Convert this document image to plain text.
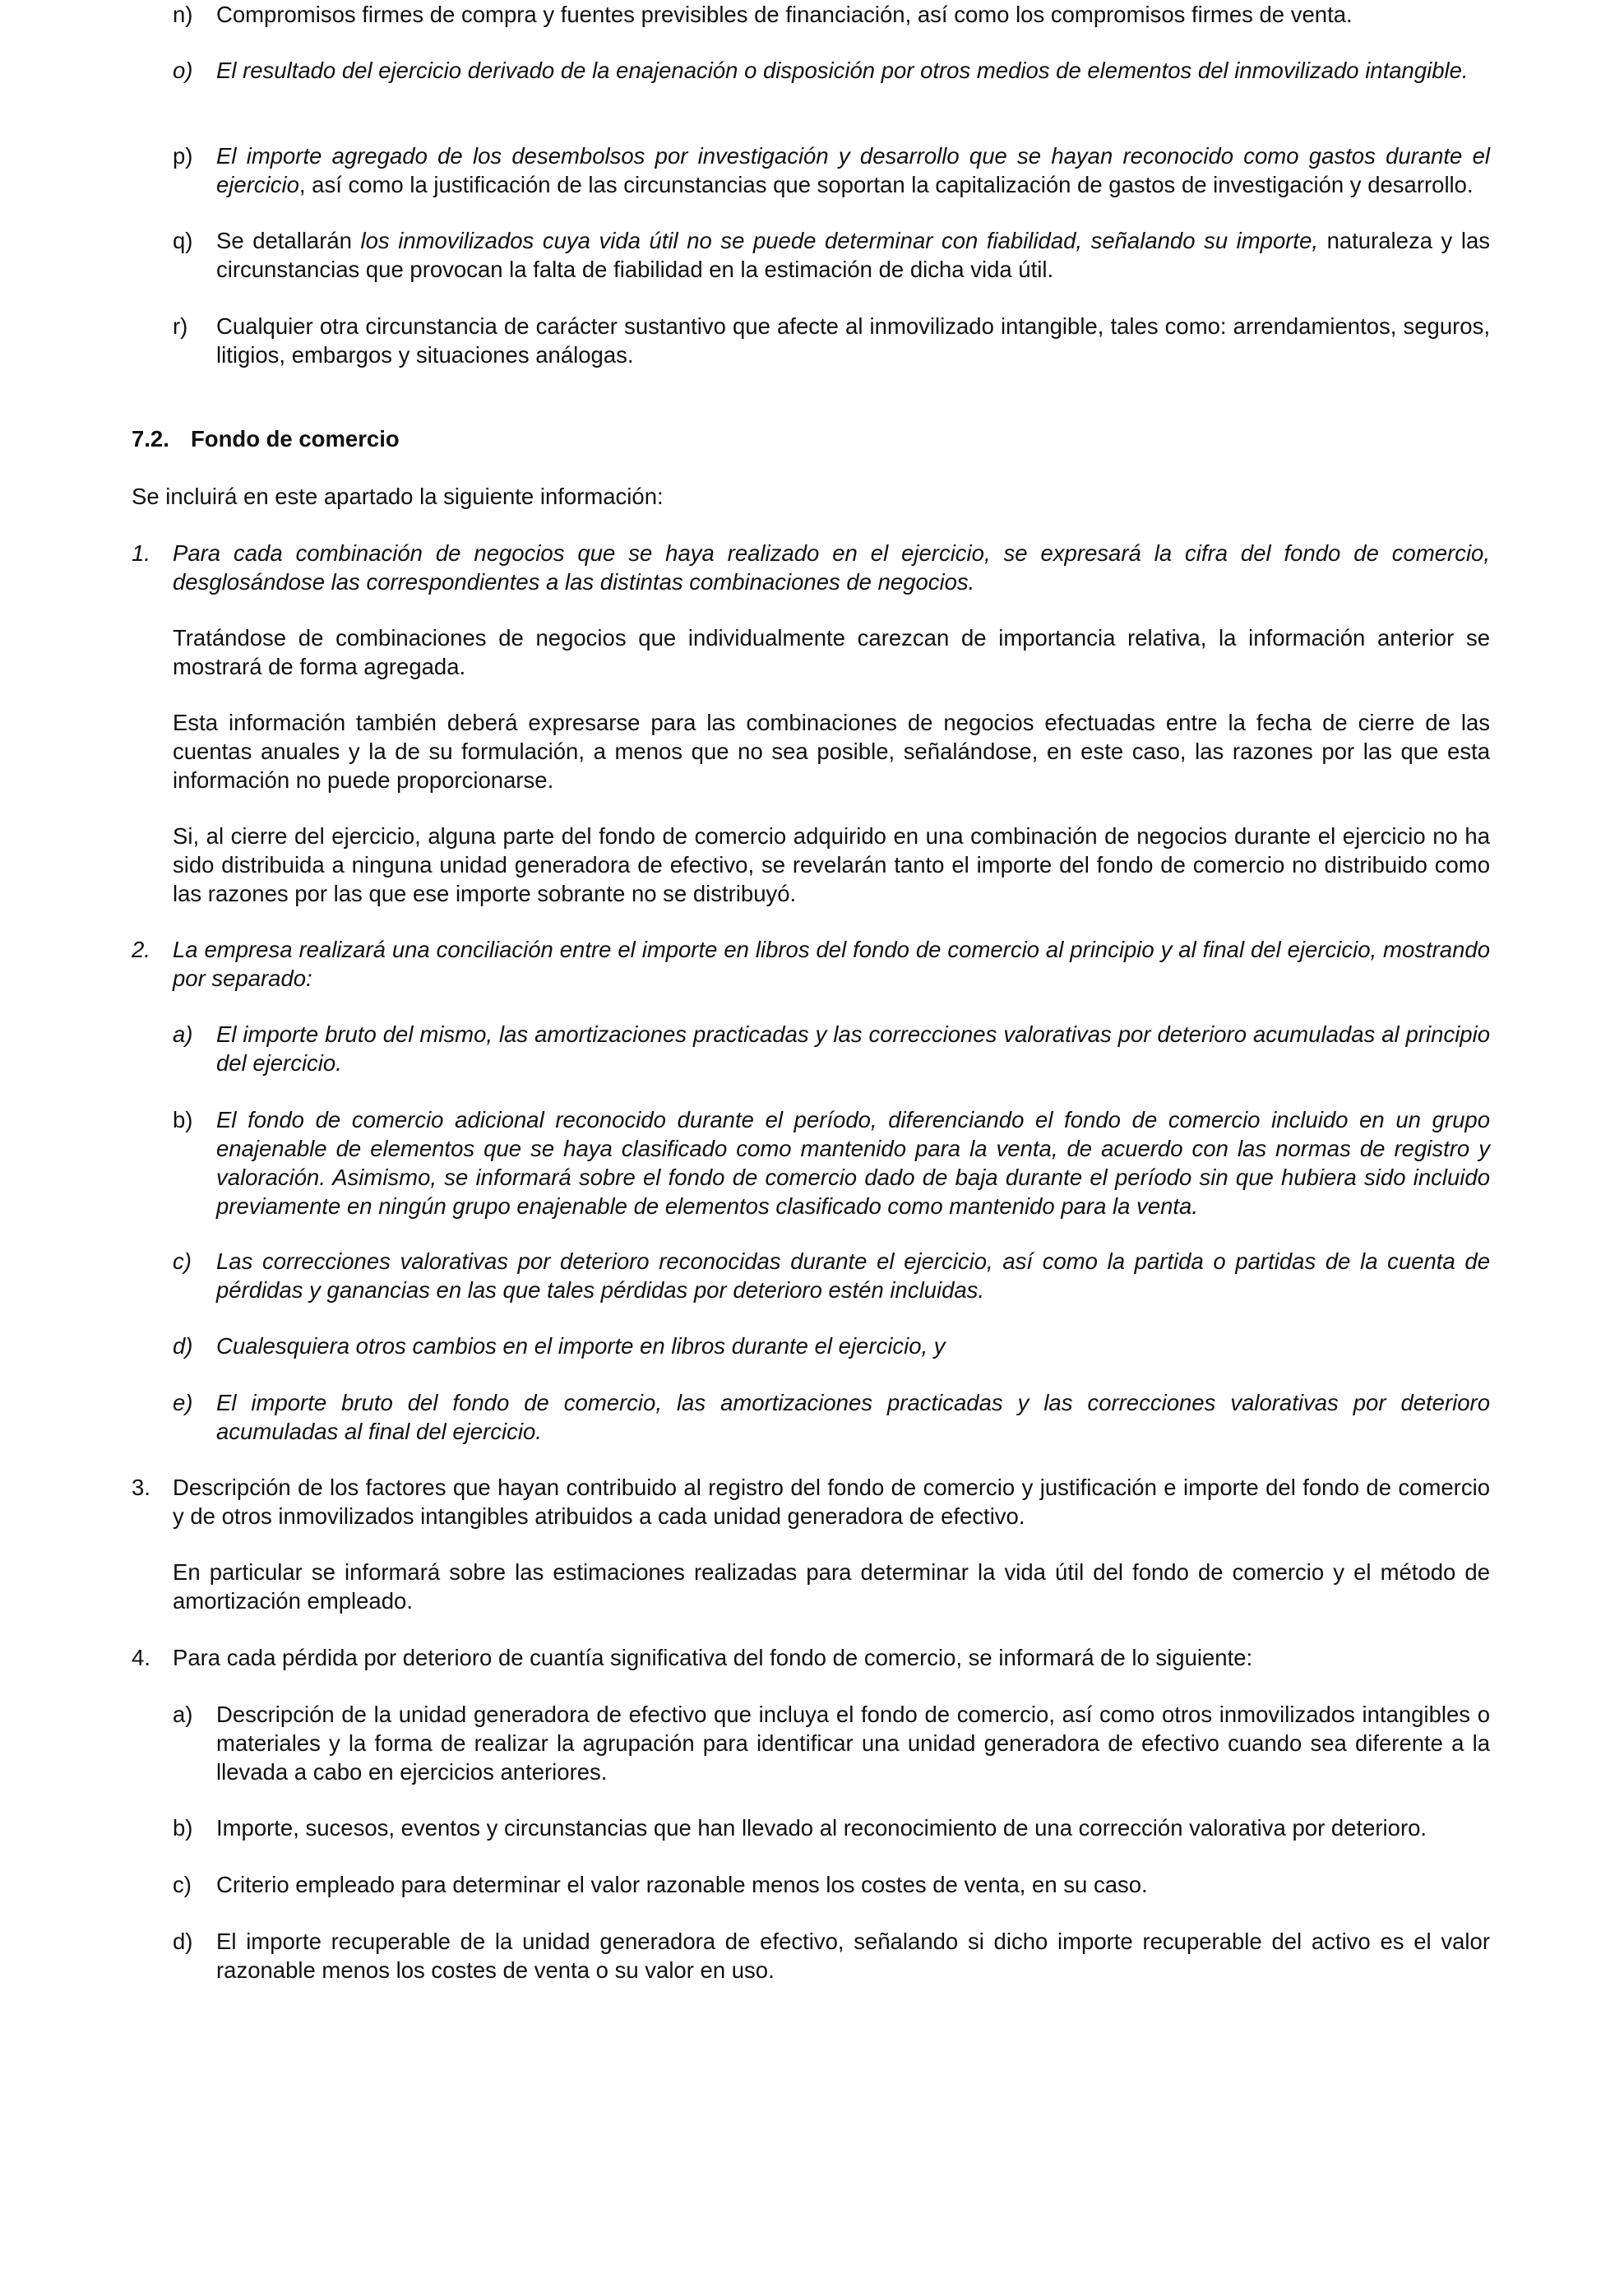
n) Compromisos firmes de compra y fuentes previsibles de financiación, así como los compromisos firmes de venta.

o) El resultado del ejercicio derivado de la enajenación o disposición por otros medios de elementos del inmovilizado intangible.

p) El importe agregado de los desembolsos por investigación y desarrollo que se hayan reconocido como gastos durante el ejercicio, así como la justificación de las circunstancias que soportan la capitalización de gastos de investigación y desarrollo.

q) Se detallarán los inmovilizados cuya vida útil no se puede determinar con fiabilidad, señalando su importe, naturaleza y las circunstancias que provocan la falta de fiabilidad en la estimación de dicha vida útil.

r) Cualquier otra circunstancia de carácter sustantivo que afecte al inmovilizado intangible, tales como: arrendamientos, seguros, litigios, embargos y situaciones análogas.

7.2. Fondo de comercio

Se incluirá en este apartado la siguiente información:

1. Para cada combinación de negocios que se haya realizado en el ejercicio, se expresará la cifra del fondo de comercio, desglosándose las correspondientes a las distintas combinaciones de negocios.

Tratándose de combinaciones de negocios que individualmente carezcan de importancia relativa, la información anterior se mostrará de forma agregada.

Esta información también deberá expresarse para las combinaciones de negocios efectuadas entre la fecha de cierre de las cuentas anuales y la de su formulación, a menos que no sea posible, señalándose, en este caso, las razones por las que esta información no puede proporcionarse.

Si, al cierre del ejercicio, alguna parte del fondo de comercio adquirido en una combinación de negocios durante el ejercicio no ha sido distribuida a ninguna unidad generadora de efectivo, se revelarán tanto el importe del fondo de comercio no distribuido como las razones por las que ese importe sobrante no se distribuyó.

2. La empresa realizará una conciliación entre el importe en libros del fondo de comercio al principio y al final del ejercicio, mostrando por separado:

a) El importe bruto del mismo, las amortizaciones practicadas y las correcciones valorativas por deterioro acumuladas al principio del ejercicio.

b) El fondo de comercio adicional reconocido durante el período, diferenciando el fondo de comercio incluido en un grupo enajenable de elementos que se haya clasificado como mantenido para la venta, de acuerdo con las normas de registro y valoración. Asimismo, se informará sobre el fondo de comercio dado de baja durante el período sin que hubiera sido incluido previamente en ningún grupo enajenable de elementos clasificado como mantenido para la venta.

c) Las correcciones valorativas por deterioro reconocidas durante el ejercicio, así como la partida o partidas de la cuenta de pérdidas y ganancias en las que tales pérdidas por deterioro estén incluidas.

d) Cualesquiera otros cambios en el importe en libros durante el ejercicio, y

e) El importe bruto del fondo de comercio, las amortizaciones practicadas y las correcciones valorativas por deterioro acumuladas al final del ejercicio.

3. Descripción de los factores que hayan contribuido al registro del fondo de comercio y justificación e importe del fondo de comercio y de otros inmovilizados intangibles atribuidos a cada unidad generadora de efectivo.

En particular se informará sobre las estimaciones realizadas para determinar la vida útil del fondo de comercio y el método de amortización empleado.

4. Para cada pérdida por deterioro de cuantía significativa del fondo de comercio, se informará de lo siguiente:

a) Descripción de la unidad generadora de efectivo que incluya el fondo de comercio, así como otros inmovilizados intangibles o materiales y la forma de realizar la agrupación para identificar una unidad generadora de efectivo cuando sea diferente a la llevada a cabo en ejercicios anteriores.

b) Importe, sucesos, eventos y circunstancias que han llevado al reconocimiento de una corrección valorativa por deterioro.

c) Criterio empleado para determinar el valor razonable menos los costes de venta, en su caso.

d) El importe recuperable de la unidad generadora de efectivo, señalando si dicho importe recuperable del activo es el valor razonable menos los costes de venta o su valor en uso.
